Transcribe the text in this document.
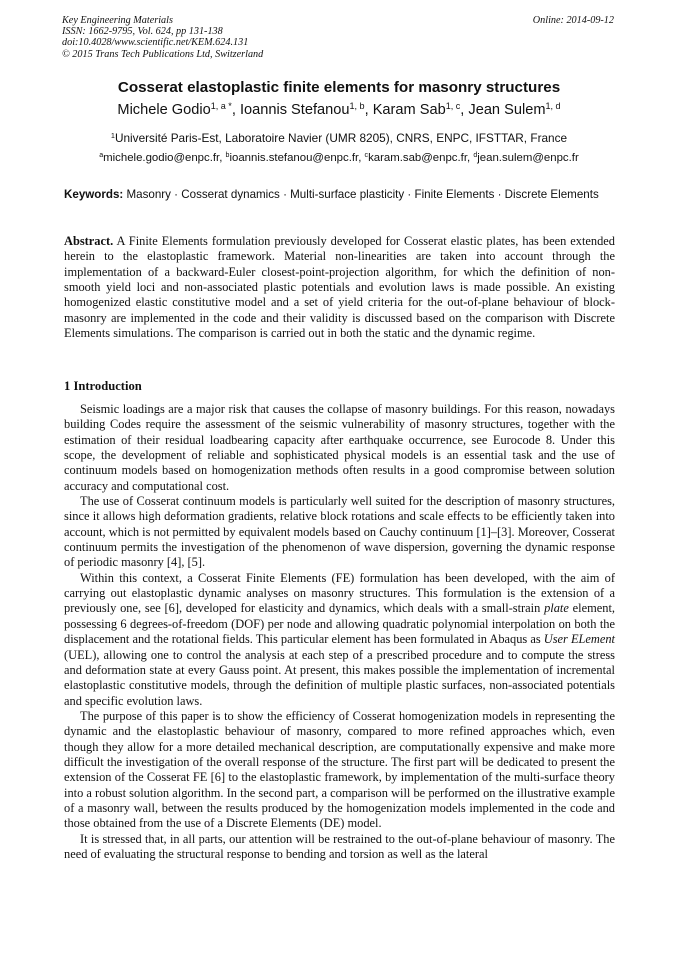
Key Engineering Materials
ISSN: 1662-9795, Vol. 624, pp 131-138
doi:10.4028/www.scientific.net/KEM.624.131
© 2015 Trans Tech Publications Ltd, Switzerland
Online: 2014-09-12
Cosserat elastoplastic finite elements for masonry structures
Michele Godio$^{1, a *}$, Ioannis Stefanou$^{1, b}$, Karam Sab$^{1, c}$, Jean Sulem$^{1, d}$
$^1$Université Paris-Est, Laboratoire Navier (UMR 8205), CNRS, ENPC, IFSTTAR, France
$^a$michele.godio@enpc.fr, $^b$ioannis.stefanou@enpc.fr, $^c$karam.sab@enpc.fr, $^d$jean.sulem@enpc.fr
Keywords: Masonry · Cosserat dynamics · Multi-surface plasticity · Finite Elements · Discrete Elements

Abstract. A Finite Elements formulation previously developed for Cosserat elastic plates, has been extended herein to the elastoplastic framework. Material non-linearities are taken into account through the implementation of a backward-Euler closest-point-projection algorithm, for which the definition of non-smooth yield loci and non-associated plastic potentials and evolution laws is made possible. An existing homogenized elastic constitutive model and a set of yield criteria for the out-of-plane behaviour of block-masonry are implemented in the code and their validity is discussed based on the comparison with Discrete Elements simulations. The comparison is carried out in both the static and the dynamic regime.

1 Introduction

Seismic loadings are a major risk that causes the collapse of masonry buildings. For this reason, nowadays building Codes require the assessment of the seismic vulnerability of masonry structures, together with the estimation of their residual loadbearing capacity after earthquake occurrence, see Eurocode 8. Under this scope, the development of reliable and sophisticated physical models is an essential task and the use of continuum models based on homogenization methods often results in a good compromise between solution accuracy and computational cost.

The use of Cosserat continuum models is particularly well suited for the description of masonry structures, since it allows high deformation gradients, relative block rotations and scale effects to be efficiently taken into account, which is not permitted by equivalent models based on Cauchy continuum [1]–[3]. Moreover, Cosserat continuum permits the investigation of the phenomenon of wave dispersion, governing the dynamic response of periodic masonry [4], [5].

Within this context, a Cosserat Finite Elements (FE) formulation has been developed, with the aim of carrying out elastoplastic dynamic analyses on masonry structures. This formulation is the extension of a previously one, see [6], developed for elasticity and dynamics, which deals with a small-strain plate element, possessing 6 degrees-of-freedom (DOF) per node and allowing quadratic polynomial interpolation on both the displacement and the rotational fields. This particular element has been formulated in Abaqus as User ELement (UEL), allowing one to control the analysis at each step of a prescribed procedure and to compute the stress and deformation state at every Gauss point. At present, this makes possible the implementation of incremental elastoplastic constitutive models, through the definition of multiple plastic surfaces, non-associated potentials and specific evolution laws.

The purpose of this paper is to show the efficiency of Cosserat homogenization models in representing the dynamic and the elastoplastic behaviour of masonry, compared to more refined approaches which, even though they allow for a more detailed mechanical description, are computationally expensive and make more difficult the investigation of the overall response of the structure. The first part will be dedicated to present the extension of the Cosserat FE [6] to the elastoplastic framework, by implementation of the multi-surface theory into a robust solution algorithm. In the second part, a comparison will be performed on the illustrative example of a masonry wall, between the results produced by the homogenization models implemented in the code and those obtained from the use of a Discrete Elements (DE) model.

It is stressed that, in all parts, our attention will be restrained to the out-of-plane behaviour of masonry. The need of evaluating the structural response to bending and torsion as well as the lateral
